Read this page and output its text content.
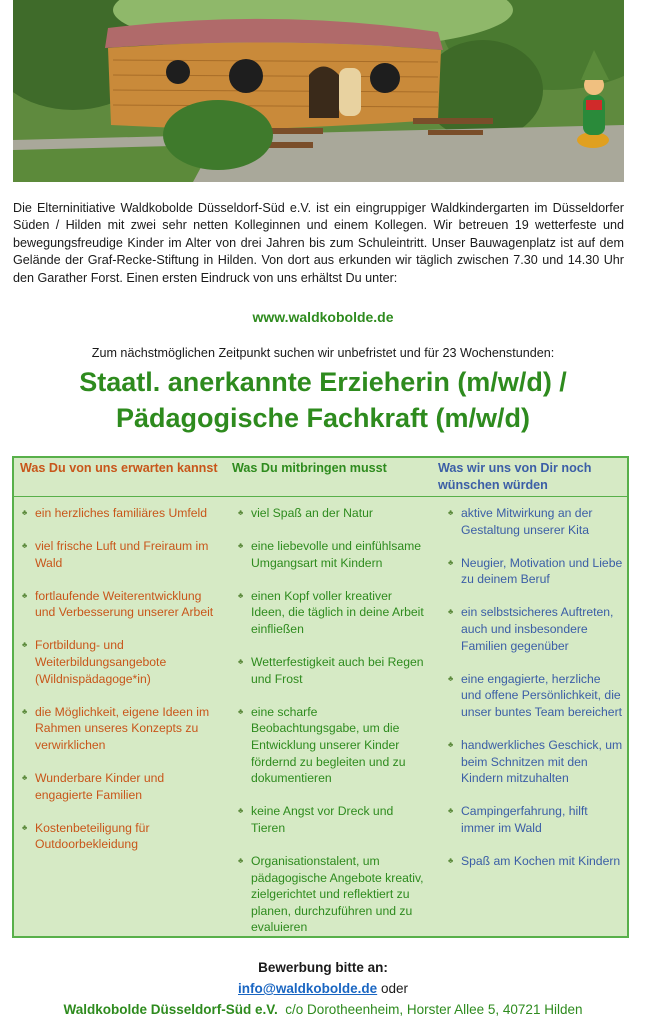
Die Elterninitiative Waldkobolde Düsseldorf-Süd e.V. ist ein eingruppiger Waldkindergarten im Düsseldorfer Süden / Hilden mit zwei sehr netten Kolleginnen und einem Kollegen. Wir betreuen 19 wetterfeste und bewegungsfreudige Kinder im Alter von drei Jahren bis zum Schuleintritt. Unser Bauwagenplatz ist auf dem Gelände der Graf-Recke-Stiftung in Hilden. Von dort aus erkunden wir täglich zwischen 7.30 und 14.30 Uhr den Garather Forst. Einen ersten Eindruck von uns erhältst Du unter:
www.waldkobolde.de
Zum nächstmöglichen Zeitpunkt suchen wir unbefristet und für 23 Wochenstunden:
Staatl. anerkannte Erzieherin (m/w/d) /
Pädagogische Fachkraft (m/w/d)
Was Du von uns erwarten kannst
♣ ein herzliches familiäres Umfeld
♣ viel frische Luft und Freiraum im Wald
♣ fortlaufende Weiterentwicklung und Verbesserung unserer Arbeit
♣ Fortbildung- und Weiterbildungsangebote (Wildnispädagoge*in)
♣ die Möglichkeit, eigene Ideen im Rahmen unseres Konzepts zu verwirklichen
♣ Wunderbare Kinder und engagierte Familien
♣ Kostenbeteiligung für Outdoorbekleidung
Was Du mitbringen musst
♣ viel Spaß an der Natur
♣ eine liebevolle und einfühlsame Umgangsart mit Kindern
♣ einen Kopf voller kreativer Ideen, die täglich in deine Arbeit einfließen
♣ Wetterfestigkeit auch bei Regen und Frost
♣ eine scharfe Beobachtungsgabe, um die Entwicklung unserer Kinder fördernd zu begleiten und zu dokumentieren
♣ keine Angst vor Dreck und Tieren
♣ Organisationstalent, um pädagogische Angebote kreativ, zielgerichtet und reflektiert zu planen, durchzuführen und zu evaluieren
Was wir uns von Dir noch wünschen würden
♣ aktive Mitwirkung an der Gestaltung unserer Kita
♣ Neugier, Motivation und Liebe zu deinem Beruf
♣ ein selbstsicheres Auftreten, auch und insbesondere Familien gegenüber
♣ eine engagierte, herzliche und offene Persönlichkeit, die unser buntes Team bereichert
♣ handwerkliches Geschick, um beim Schnitzen mit den Kindern mitzuhalten
♣ Campingerfahrung, hilft immer im Wald
♣ Spaß am Kochen mit Kindern
Bewerbung bitte an:
info@waldkobolde.de oder
Waldkobolde Düsseldorf-Süd e.V.  c/o Dorotheenheim, Horster Allee 5, 40721 Hilden
